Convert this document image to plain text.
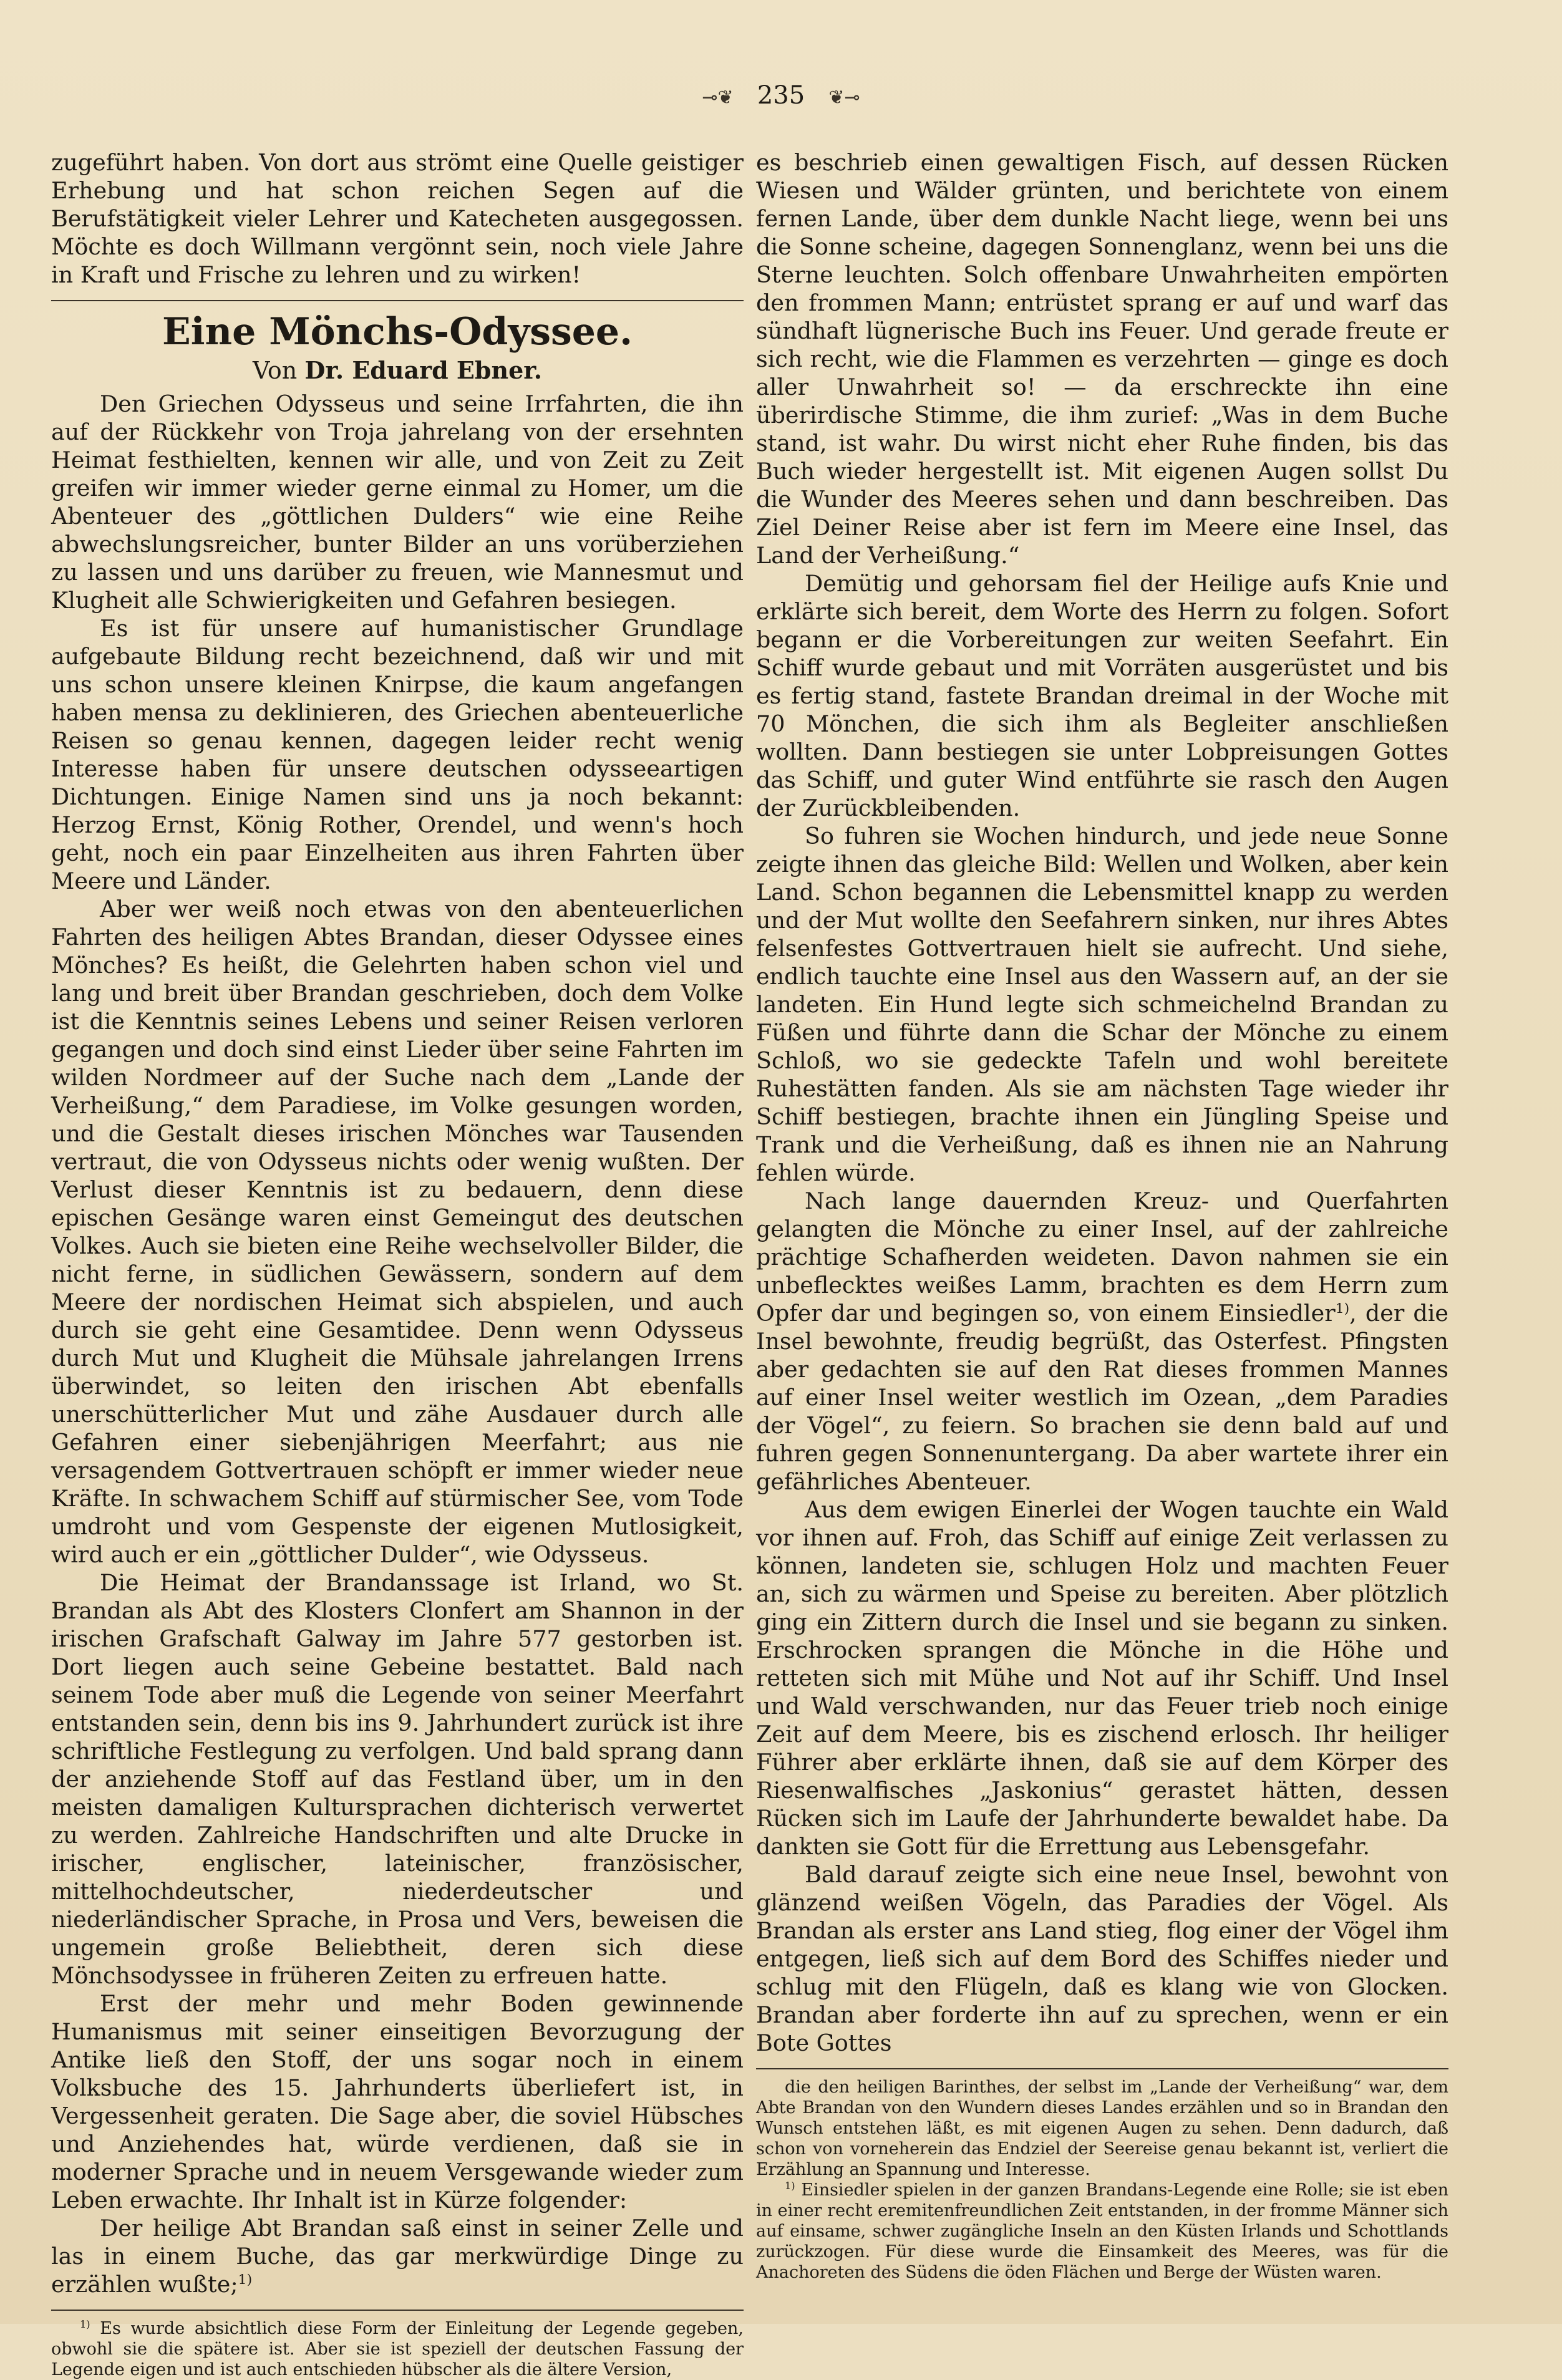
⊸❦ 235 ❦⊸

zugeführt haben. Von dort aus strömt eine Quelle geistiger Erhebung und hat schon reichen Segen auf die Berufstätigkeit vieler Lehrer und Katecheten ausgegossen. Möchte es doch Willmann vergönnt sein, noch viele Jahre in Kraft und Frische zu lehren und zu wirken!

Eine Mönchs-Odyssee.
Von Dr. Eduard Ebner.

Den Griechen Odysseus und seine Irrfahrten, die ihn auf der Rückkehr von Troja jahrelang von der ersehnten Heimat festhielten, kennen wir alle, und von Zeit zu Zeit greifen wir immer wieder gerne einmal zu Homer, um die Abenteuer des „göttlichen Dulders“ wie eine Reihe abwechslungsreicher, bunter Bilder an uns vorüberziehen zu lassen und uns darüber zu freuen, wie Mannesmut und Klugheit alle Schwierigkeiten und Gefahren besiegen.

Es ist für unsere auf humanistischer Grundlage aufgebaute Bildung recht bezeichnend, daß wir und mit uns schon unsere kleinen Knirpse, die kaum angefangen haben mensa zu deklinieren, des Griechen abenteuerliche Reisen so genau kennen, dagegen leider recht wenig Interesse haben für unsere deutschen odysseeartigen Dichtungen. Einige Namen sind uns ja noch bekannt: Herzog Ernst, König Rother, Orendel, und wenn's hoch geht, noch ein paar Einzelheiten aus ihren Fahrten über Meere und Länder.

Aber wer weiß noch etwas von den abenteuerlichen Fahrten des heiligen Abtes Brandan, dieser Odyssee eines Mönches? Es heißt, die Gelehrten haben schon viel und lang und breit über Brandan geschrieben, doch dem Volke ist die Kenntnis seines Lebens und seiner Reisen verloren gegangen und doch sind einst Lieder über seine Fahrten im wilden Nordmeer auf der Suche nach dem „Lande der Verheißung,“ dem Paradiese, im Volke gesungen worden, und die Gestalt dieses irischen Mönches war Tausenden vertraut, die von Odysseus nichts oder wenig wußten. Der Verlust dieser Kenntnis ist zu bedauern, denn diese epischen Gesänge waren einst Gemeingut des deutschen Volkes. Auch sie bieten eine Reihe wechselvoller Bilder, die nicht ferne, in südlichen Gewässern, sondern auf dem Meere der nordischen Heimat sich abspielen, und auch durch sie geht eine Gesamtidee. Denn wenn Odysseus durch Mut und Klugheit die Mühsale jahrelangen Irrens überwindet, so leiten den irischen Abt ebenfalls unerschütterlicher Mut und zähe Ausdauer durch alle Gefahren einer siebenjährigen Meerfahrt; aus nie versagendem Gottvertrauen schöpft er immer wieder neue Kräfte. In schwachem Schiff auf stürmischer See, vom Tode umdroht und vom Gespenste der eigenen Mutlosigkeit, wird auch er ein „göttlicher Dulder“, wie Odysseus.

Die Heimat der Brandanssage ist Irland, wo St. Brandan als Abt des Klosters Clonfert am Shannon in der irischen Grafschaft Galway im Jahre 577 gestorben ist. Dort liegen auch seine Gebeine bestattet. Bald nach seinem Tode aber muß die Legende von seiner Meerfahrt entstanden sein, denn bis ins 9. Jahrhundert zurück ist ihre schriftliche Festlegung zu verfolgen. Und bald sprang dann der anziehende Stoff auf das Festland über, um in den meisten damaligen Kultursprachen dichterisch verwertet zu werden. Zahlreiche Handschriften und alte Drucke in irischer, englischer, lateinischer, französischer, mittelhochdeutscher, niederdeutscher und niederländischer Sprache, in Prosa und Vers, beweisen die ungemein große Beliebtheit, deren sich diese Mönchsodyssee in früheren Zeiten zu erfreuen hatte.

Erst der mehr und mehr Boden gewinnende Humanismus mit seiner einseitigen Bevorzugung der Antike ließ den Stoff, der uns sogar noch in einem Volksbuche des 15. Jahrhunderts überliefert ist, in Vergessenheit geraten. Die Sage aber, die soviel Hübsches und Anziehendes hat, würde verdienen, daß sie in moderner Sprache und in neuem Versgewande wieder zum Leben erwachte. Ihr Inhalt ist in Kürze folgender:

Der heilige Abt Brandan saß einst in seiner Zelle und las in einem Buche, das gar merkwürdige Dinge zu erzählen wußte;$^{1)}$

$^{1)}$ Es wurde absichtlich diese Form der Einleitung der Legende gegeben, obwohl sie die spätere ist. Aber sie ist speziell der deutschen Fassung der Legende eigen und ist auch entschieden hübscher als die ältere Version,

es beschrieb einen gewaltigen Fisch, auf dessen Rücken Wiesen und Wälder grünten, und berichtete von einem fernen Lande, über dem dunkle Nacht liege, wenn bei uns die Sonne scheine, dagegen Sonnenglanz, wenn bei uns die Sterne leuchten. Solch offenbare Unwahrheiten empörten den frommen Mann; entrüstet sprang er auf und warf das sündhaft lügnerische Buch ins Feuer. Und gerade freute er sich recht, wie die Flammen es verzehrten — ginge es doch aller Unwahrheit so! — da erschreckte ihn eine überirdische Stimme, die ihm zurief: „Was in dem Buche stand, ist wahr. Du wirst nicht eher Ruhe finden, bis das Buch wieder hergestellt ist. Mit eigenen Augen sollst Du die Wunder des Meeres sehen und dann beschreiben. Das Ziel Deiner Reise aber ist fern im Meere eine Insel, das Land der Verheißung.“

Demütig und gehorsam fiel der Heilige aufs Knie und erklärte sich bereit, dem Worte des Herrn zu folgen. Sofort begann er die Vorbereitungen zur weiten Seefahrt. Ein Schiff wurde gebaut und mit Vorräten ausgerüstet und bis es fertig stand, fastete Brandan dreimal in der Woche mit 70 Mönchen, die sich ihm als Begleiter anschließen wollten. Dann bestiegen sie unter Lobpreisungen Gottes das Schiff, und guter Wind entführte sie rasch den Augen der Zurückbleibenden.

So fuhren sie Wochen hindurch, und jede neue Sonne zeigte ihnen das gleiche Bild: Wellen und Wolken, aber kein Land. Schon begannen die Lebensmittel knapp zu werden und der Mut wollte den Seefahrern sinken, nur ihres Abtes felsenfestes Gottvertrauen hielt sie aufrecht. Und siehe, endlich tauchte eine Insel aus den Wassern auf, an der sie landeten. Ein Hund legte sich schmeichelnd Brandan zu Füßen und führte dann die Schar der Mönche zu einem Schloß, wo sie gedeckte Tafeln und wohl bereitete Ruhestätten fanden. Als sie am nächsten Tage wieder ihr Schiff bestiegen, brachte ihnen ein Jüngling Speise und Trank und die Verheißung, daß es ihnen nie an Nahrung fehlen würde.

Nach lange dauernden Kreuz- und Querfahrten gelangten die Mönche zu einer Insel, auf der zahlreiche prächtige Schafherden weideten. Davon nahmen sie ein unbeflecktes weißes Lamm, brachten es dem Herrn zum Opfer dar und begingen so, von einem Einsiedler$^{1)}$, der die Insel bewohnte, freudig begrüßt, das Osterfest. Pfingsten aber gedachten sie auf den Rat dieses frommen Mannes auf einer Insel weiter westlich im Ozean, „dem Paradies der Vögel“, zu feiern. So brachen sie denn bald auf und fuhren gegen Sonnenuntergang. Da aber wartete ihrer ein gefährliches Abenteuer.

Aus dem ewigen Einerlei der Wogen tauchte ein Wald vor ihnen auf. Froh, das Schiff auf einige Zeit verlassen zu können, landeten sie, schlugen Holz und machten Feuer an, sich zu wärmen und Speise zu bereiten. Aber plötzlich ging ein Zittern durch die Insel und sie begann zu sinken. Erschrocken sprangen die Mönche in die Höhe und retteten sich mit Mühe und Not auf ihr Schiff. Und Insel und Wald verschwanden, nur das Feuer trieb noch einige Zeit auf dem Meere, bis es zischend erlosch. Ihr heiliger Führer aber erklärte ihnen, daß sie auf dem Körper des Riesenwalfisches „Jaskonius“ gerastet hätten, dessen Rücken sich im Laufe der Jahrhunderte bewaldet habe. Da dankten sie Gott für die Errettung aus Lebensgefahr.

Bald darauf zeigte sich eine neue Insel, bewohnt von glänzend weißen Vögeln, das Paradies der Vögel. Als Brandan als erster ans Land stieg, flog einer der Vögel ihm entgegen, ließ sich auf dem Bord des Schiffes nieder und schlug mit den Flügeln, daß es klang wie von Glocken. Brandan aber forderte ihn auf zu sprechen, wenn er ein Bote Gottes

die den heiligen Barinthes, der selbst im „Lande der Verheißung“ war, dem Abte Brandan von den Wundern dieses Landes erzählen und so in Brandan den Wunsch entstehen läßt, es mit eigenen Augen zu sehen. Denn dadurch, daß schon von vorneherein das Endziel der Seereise genau bekannt ist, verliert die Erzählung an Spannung und Interesse.

$^{1)}$ Einsiedler spielen in der ganzen Brandans-Legende eine Rolle; sie ist eben in einer recht eremitenfreundlichen Zeit entstanden, in der fromme Männer sich auf einsame, schwer zugängliche Inseln an den Küsten Irlands und Schottlands zurückzogen. Für diese wurde die Einsamkeit des Meeres, was für die Anachoreten des Südens die öden Flächen und Berge der Wüsten waren.
